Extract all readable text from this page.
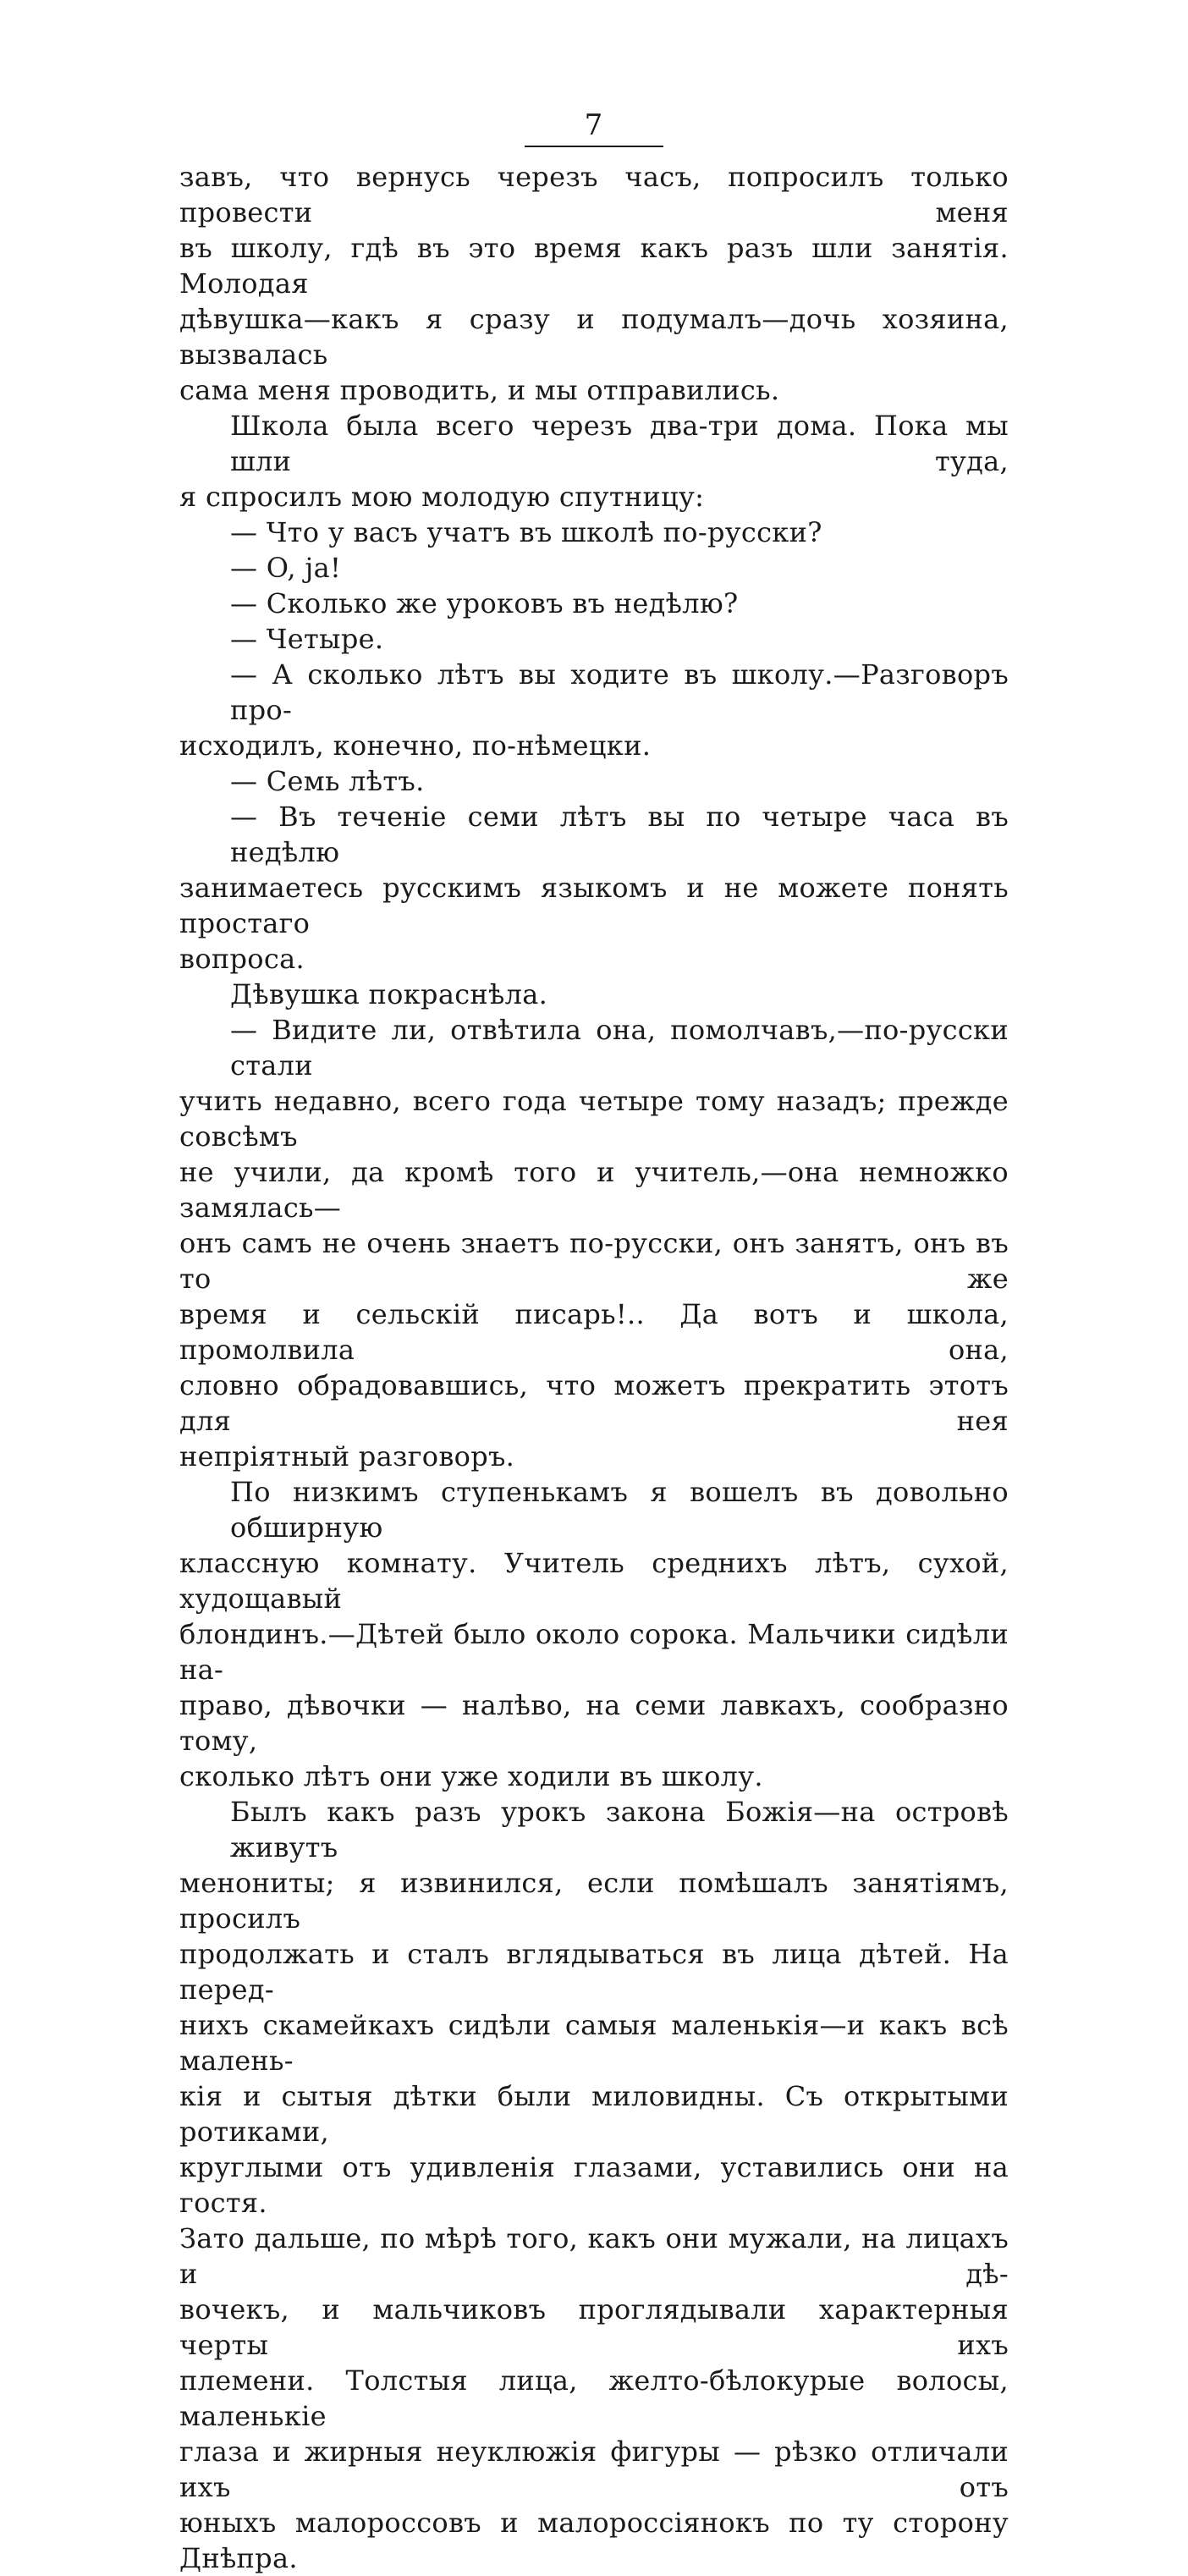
7
завъ, что вернусь черезъ часъ, попросилъ только провести меня
въ школу, гдѣ въ это время какъ разъ шли занятія. Молодая
дѣвушка—какъ я сразу и подумалъ—дочь хозяина, вызвалась
сама меня проводить, и мы отправились.
Школа была всего черезъ два-три дома. Пока мы шли туда,
я спросилъ мою молодую спутницу:
— Что у васъ учатъ въ школѣ по-русски?
— O, ja!
— Сколько же уроковъ въ недѣлю?
— Четыре.
— А сколько лѣтъ вы ходите въ школу.—Разговоръ про-
исходилъ, конечно, по-нѣмецки.
— Семь лѣтъ.
— Въ теченіе семи лѣтъ вы по четыре часа въ недѣлю
занимаетесь русскимъ языкомъ и не можете понять простаго
вопроса.
Дѣвушка покраснѣла.
— Видите ли, отвѣтила она, помолчавъ,—по-русски стали
учить недавно, всего года четыре тому назадъ; прежде совсѣмъ
не учили, да кромѣ того и учитель,—она немножко замялась—
онъ самъ не очень знаетъ по-русски, онъ занятъ, онъ въ то же
время и сельскій писарь!.. Да вотъ и школа, промолвила она,
словно обрадовавшись, что можетъ прекратить этотъ для нея
непріятный разговоръ.
По низкимъ ступенькамъ я вошелъ въ довольно обширную
классную комнату. Учитель среднихъ лѣтъ, сухой, худощавый
блондинъ.—Дѣтей было около сорока. Мальчики сидѣли на-
право, дѣвочки — налѣво, на семи лавкахъ, сообразно тому,
сколько лѣтъ они уже ходили въ школу.
Былъ какъ разъ урокъ закона Божія—на островѣ живутъ
менониты; я извинился, если помѣшалъ занятіямъ, просилъ
продолжать и сталъ вглядываться въ лица дѣтей. На перед-
нихъ скамейкахъ сидѣли самыя маленькія—и какъ всѣ малень-
кія и сытыя дѣтки были миловидны. Съ открытыми ротиками,
круглыми отъ удивленія глазами, уставились они на гостя.
Зато дальше, по мѣрѣ того, какъ они мужали, на лицахъ и дѣ-
вочекъ, и мальчиковъ проглядывали характерныя черты ихъ
племени. Толстыя лица, желто-бѣлокурые волосы, маленькіе
глаза и жирныя неуклюжія фигуры — рѣзко отличали ихъ отъ
юныхъ малороссовъ и малороссіянокъ по ту сторону Днѣпра.
